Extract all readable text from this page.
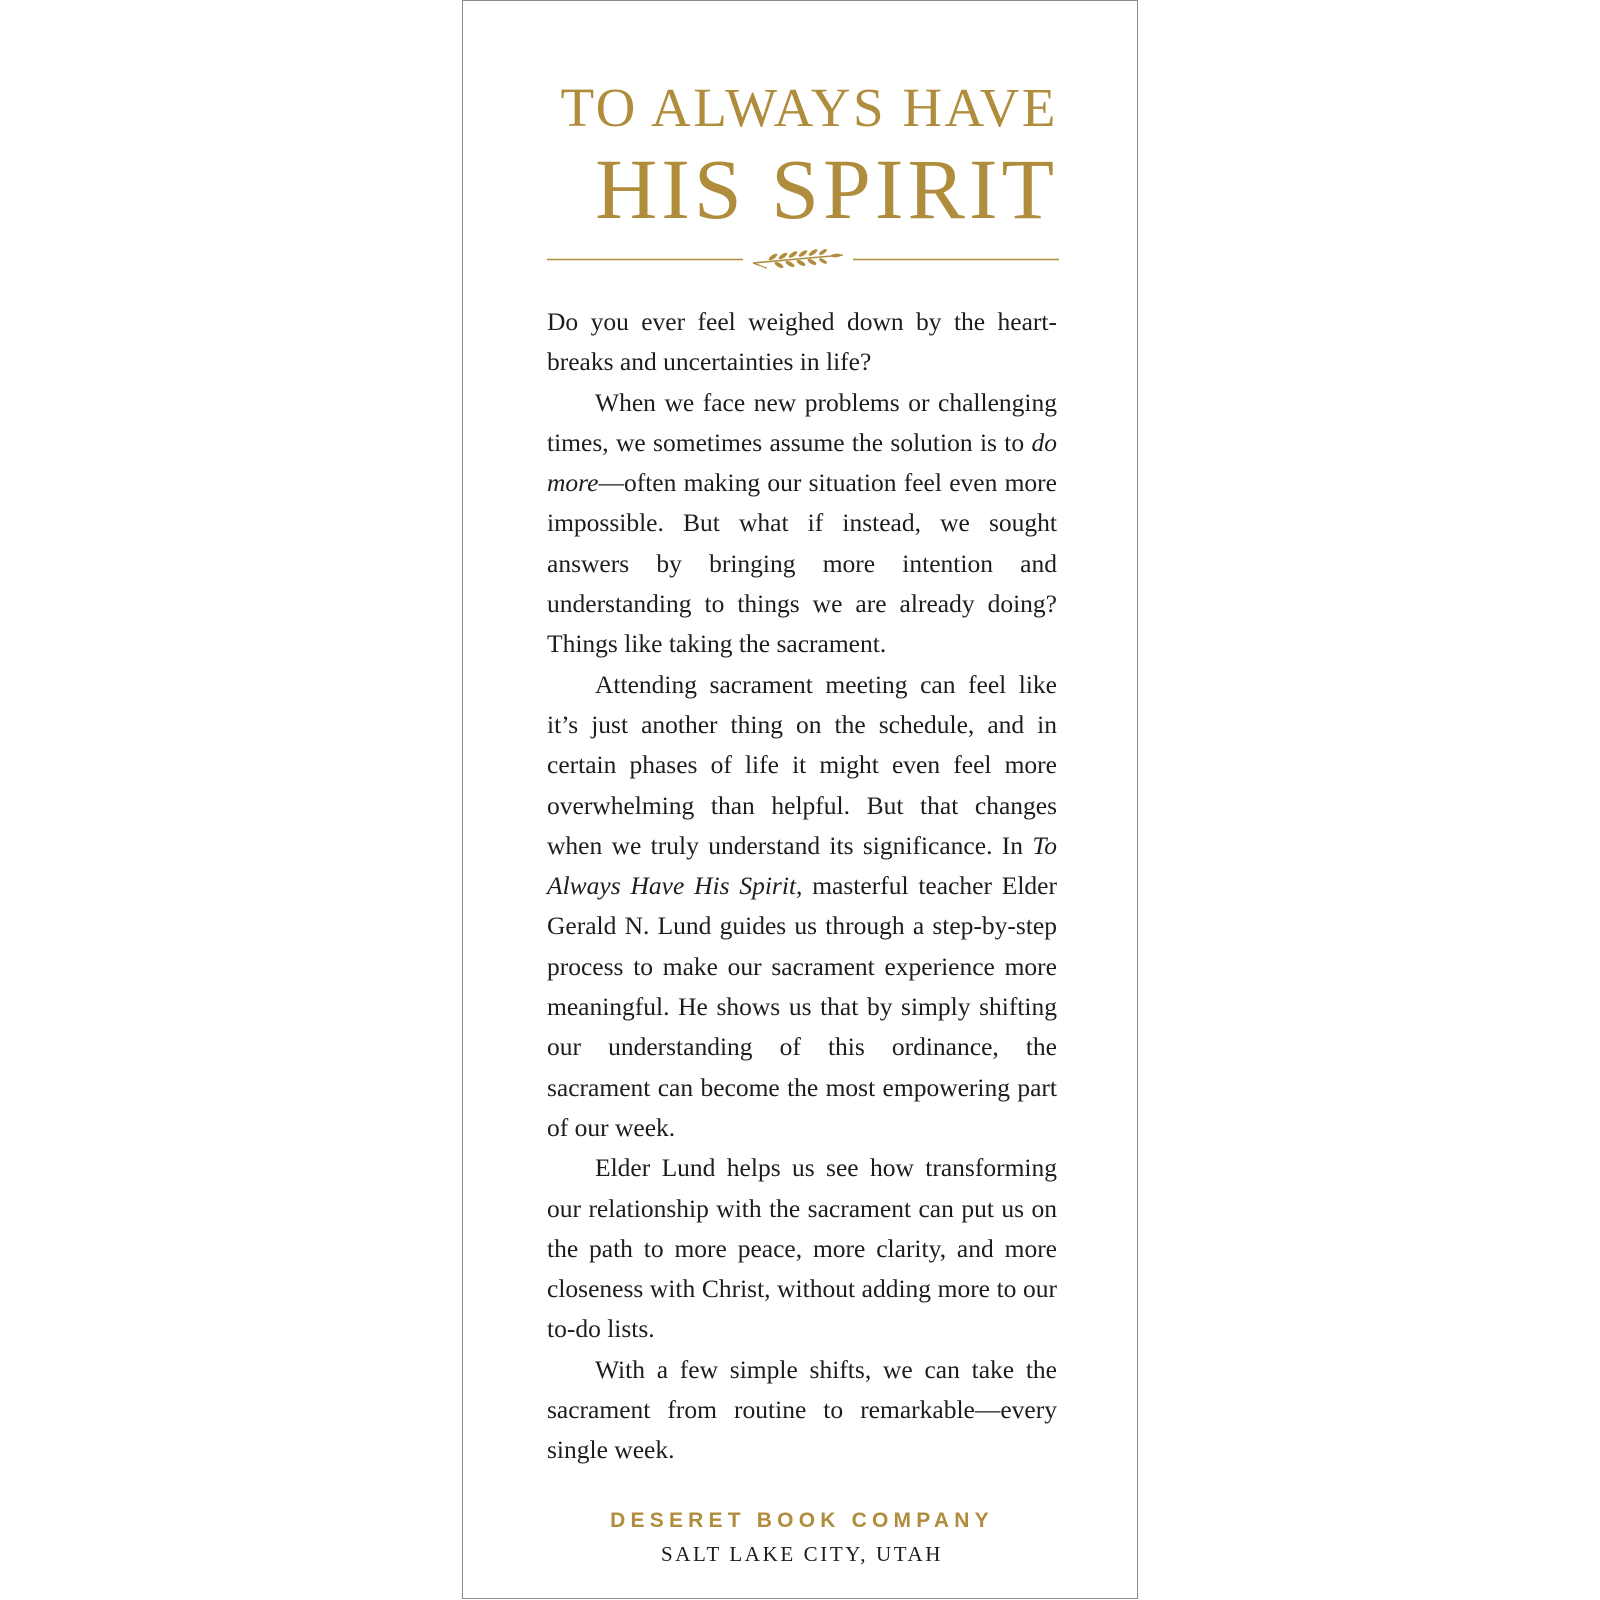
TO ALWAYS HAVE
HIS SPIRIT

Do you ever feel weighed down by the heartbreaks and uncertainties in life?

When we face new problems or challenging times, we sometimes assume the solution is to do more—often making our situation feel even more impossible. But what if instead, we sought answers by bringing more intention and understanding to things we are already doing? Things like taking the sacrament.

Attending sacrament meeting can feel like it’s just another thing on the schedule, and in certain phases of life it might even feel more overwhelming than helpful. But that changes when we truly understand its significance. In To Always Have His Spirit, masterful teacher Elder Gerald N. Lund guides us through a step-by-step process to make our sacrament experience more meaningful. He shows us that by simply shifting our understanding of this ordinance, the sacrament can become the most empowering part of our week.

Elder Lund helps us see how transforming our relationship with the sacrament can put us on the path to more peace, more clarity, and more closeness with Christ, without adding more to our to-do lists.

With a few simple shifts, we can take the sacrament from routine to remarkable—every single week.

DESERET BOOK COMPANY

SALT LAKE CITY, UTAH
